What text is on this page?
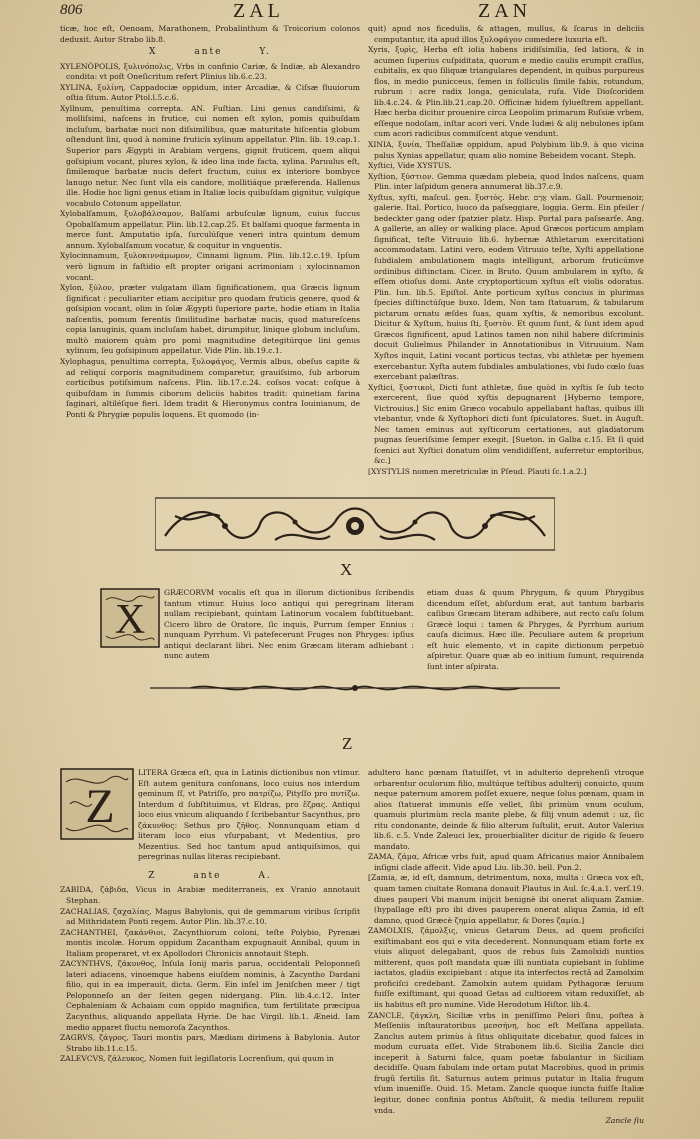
806	ZAL	ZAN

ticæ, hoc eſt, Oenoam, Marathonem, Probalinthum & Troicorium colonos deduxit. Autor Strabo lib.8.

X	ante	Y.

XYLENÓPOLIS, ξυλινόπολις, Vrbs in confinio Cariæ, & Indiæ, ab Alexandro condita: vt poſt Oneſicritum refert Plinius lib.6.c.23.

XYLINA, ξυλίνη, Cappadociæ oppidum, inter Arcadiæ, & Ciſsæ fluuiorum oſtia ſitum. Autor Ptol.l.5.c.6.

Xyllnum, penultima correpta. AN. Fuſtian. Lini genus candiſsimi, & molliſsimi, naſcens in frutice, cui nomen eſt xylon, pomis quibuſdam incluſum, barbatæ nuci non diſsimilibus, quæ maturitate hiſcentia globum oſtendunt lini, quod à nomine fruticis xylinum appellatur. Plin. lib. 19.cap.1. Superior pars Ægypti in Arabiam vergens, gignit fruticem, quem aliqui goſsipium vocant, plures xylon, & ideo lina inde facta, xylina. Paruulus eſt, ſimilemque barbatæ nucis defert fructum, cuius ex interiore bombyce lanugo netur. Nec ſunt vlla eis candore, mollitiáque præferenda. Hallenus ille. Hodie hoc ligni genus etiam in Italiæ locis quibuſdam gignitur, vulgique vocabulo Cotonum appellatur.

Xylobalſamum, ξυλοβάλσαμον, Balſami arbuſculæ lignum, cuius ſuccus Opobalſamum appellatur. Plin. lib.12.cap.25. Et balſami quoque farmenta in merce ſunt. Amputatio ipſa, ſurculúſque veneri intra quintum demum annum. Xylobalſamum vocatur, & coquitur in vnguentis.

Xylocinnamum, ξυλοκιννάμωμον, Cinnami lignum. Plin. lib.12.c.19. Ipſum verò lignum in faſtidio eſt propter origani acrimoniam : xylocinnamon vocant.

Xylon, ξύλον, præter vulgatam illam ſignificationem, qua Græcis lignum ſignificat : peculiariter etiam accipitur pro quodam fruticis genere, quod & goſsipion vocant, olim in ſolæ Ægypti ſuperiore parte, hodie etiam in Italia naſcentis, pomum ferentis ſimilitudine barbatæ nucis, quod matureſcens copia lanuginis, quam incluſam habet, dirumpitur, linique globum incluſum, multò maiorem quàm pro pomi magnitudine detegitúrque lini genus xylinum, ſeu goſsipinum appellatur. Vide Plin. lib.19.c.1.

Xylophagus, penultima correpta, ξυλοφάγος, Vermis albus, obeſus capite & ad reliqui corporis magnitudinem comparetur, grauiſsimo, ſub arborum corticibus potiſsimum naſcens. Plin. lib.17.c.24. coſsos vocat: coſque à quibuſdam in ſummis ciborum deliciis habitos tradit: quinetiam farina ſaginari, altiléſque fieri. Idem tradit & Hieronymus contra Iouinianum, de Ponti & Phrygiæ populis loquens. Et quomodo (in-

quit) apud nos ficedulis, & attagen, mullus, & ſcarus in deliciis computantur, ita apud illos ξυλοφάγον comedere luxuria eſt.

Xyris, ξυρὶς, Herba eſt iolia habens iridiſsimilia, ſed latiora, & in acumen ſuperius cuſpiditata, quorum e medio caulis erumpit craſſus, cubitalis, ex quo ſiliquæ triangulares dependent, in quibus purpureus flos, in medio punicceus, ſemen in folliculis ſimile fabis, rotundum, rubrum : acre radix longa, geniculata, rufa. Vide Dioſcoridem lib.4.c.24. & Plin.lib.21.cap.20. Officinæ hidem ſylueſtrem appellant. Hæc herba dicitur prouenire circa Leopolim primarum Ruſsiæ vrbem, eſſeque nodoſam, inſtar acori veri. Vnde Iudæi & alij nebulones ipſam cum acori radicibus commiſcent atque vendunt.

XINIA, ξυνία, Theſſaliæ oppidum, apud Polybium lib.9. à quo vicina palus Xynias appellatur, quam alio nomine Bebeidem vocant. Steph.

Xyſtici, Vide XYSTUS.

Xyſtion, ξύστιον. Gemma quædam plebeia, quod Indos naſcens, quam Plin. inter laſpidum genera annumerat lib.37.c.9.

Xyſtus, xyſti, maſcul. gen. ξυστὸς. Hebr. אֲרָם vlam. Gall. Pourmenoir, galerie. Ital. Portico, luoco da paſseggiare, loggia. Germ. Ein pfeiler / bedeckter gang oder ſpatzier platz. Hisp. Portal para paſsearſe. Ang. A gallerie, an alley or walking place. Apud Græcos porticum amplam ſignificat, teſte Vitruuio lib.6. hybernæ Athletarum exercitationi accommodatam. Latini vero, eodem Vitruuio teſte, Xyſti appellatione ſubdialem ambulationem magis intelligunt, arborum fruticúmve ordinibus diſtinctam. Cicer. in Bruto. Quum ambularem in xyſto, & eſſem otioſus domi. Ante cryptoporticum xyſtus eſt violis odoratus. Plin. Iun. lib.5. Epiſtol. Ante porticum xyſtus concius in plurimas ſpecies diſtinctúſque buxo. Idem, Non tam ſtatuarum, & tabularum pictarum ornatu æſdes ſuas, quam xyſtis, & nemoribus excolunt. Dicitur & Xyſtum, huius ſti, ξυστὸν. Et quum ſunt, & ſunt idem apud Græcos ſignificent, apud Latinos tamen non nihil habere diſcriminis docuit Gulielmus Philander in Annotationibus in Vitruuium. Nam Xyſtos inquit, Latini vocant porticus tectas, vbi athletæ per hyemem exercebantur. Xyſta autem ſubdiales ambulationes, vbi ſudo cœlo ſuas exercebant palæſtras.

Xyſtici, ξυστικοὶ, Dicti ſunt athletæ, ſiue quòd in xyſtis ſe ſub tecto exercerent, ſiue quòd xyſtis depugnarent [Hyberno tempore, Victrouius.] Sic enim Græco vocabulo appellabant haſtas, quibus illi vtebantur, vnde & Xyſtophori dicti ſunt ſpiculatores. Suet. in Auguſt. Nec tamen eminus aut xyſticorum certationes, aut gladiatorum pugnas ſeueriſsime ſemper exegit. [Sueton. in Galba c.15. Et ſi quid ſcenici aut Xyſtici donatum olim vendidiſſent, auferretur emptoribus, &c.]

[XYSTYLIS nomen meretriculæ in Pſeud. Plauti ſc.1.a.2.]

X
X
GRÆCORVM vocalis eſt qua in illorum dictionibus ſcribendis tantum vtimur. Huius loco antiqui qui peregrinam literam nullam recipiebant, quintam Latinorum vocalem ſubſtituebant. Cicero libro de Oratore, ſic inquis, Purrum ſemper Ennius : nunquam Pyrrhum. Vi patefecerunt Fruges non Phryges: ipſius antiqui declarant libri. Nec enim Græcam literam adhiebant : nunc autem
etiam duas & quum Phrygum, & quum Phrygibus dicendum eſſet, abſurdum erat, aut tantum barbaris caſibus Græcam literam adhibere, aut recto caſu ſolum Græcè loqui : tamen & Phryges, & Pyrrhum aurium cauſa dicimus. Hæc ille. Peculiare autem & proprium eſt huic elemento, vt in capite dictionum perpetuò aſpiretur. Quare quæ ab eo initium ſumunt, requirenda ſunt inter aſpirata.
Z
Z

LITERA Græca eſt, qua in Latinis dictionibus non vtimur. Eſt autem genitura conſonans, loco cuius nos interdum geminum ſſ, vt Patriſſo, pro πατρίζω, Pityſſo pro πυτίζω. Interdum d ſubſtituimus, vt Eldras, pro ἔζρας. Antiqui loco eius vnicum aliquando ſ ſcribebantur Sacynthus, pro ζάκυνθος: Sethus pro ζῆθος. Nonnunquam etiam d literam loco eius vſurpabant, vt Medentius, pro Mezentius. Sed hoc tantum apud antiquiſsimos, qui peregrinas nullas literas recipiebant.

Z	ante	A.

ZABIDA, ζάβιδα, Vicus in Arabiæ mediterraneis, ex Vranio annotauit Stephan.

ZACHALIAS, ζαχαλίας, Magus Babylonis, qui de gemmarum viribus ſcripſit ad Mithridatem Ponti regem. Autor Plin. lib.37.c.10.

ZACHANTHEI, ζακάνθιοι, Zacynthiorum coloni, teſte Polybio, Pyrenæi montis incolæ. Horum oppidum Zacantham expugnauit Annibal, quum in Italiam properaret, vt ex Apollodori Chronicis annotauit Steph.

ZACYNTHVS, ζάκυνθος, Inſula Ionij maris parua, occidentali Peloponneſi lateri adiacens, vinoemque habens eiuſdem nominis, à Zacyntho Dardani filio, qui in ea imperauit, dicta. Germ. Ein inſel im Jeniſchen meer / tigt Peloponneſo an der ſeiten gegen nidergang. Plin. lib.4.c.12. Inter Cephaleniam & Achaiam cum oppido magnifica, tum fertilitate præcipua Zacynthus, aliquando appellata Hyrie. De hac Virgil. lib.1. Æneid. Iam medio apparet fluctu nemoroſa Zacynthos.

ZAGRVS, ζάγρος, Tauri montis pars, Mædiam dirimens à Babylonia. Autor Strabo lib.11.c.15.

ZALEVCVS, ζάλευκος, Nomen fuit legiſlatoris Locrenſium, qui quum in

adultero hanc pœnam ſtatuiſſet, vt in adulterio deprehenſi vtroque orbarentur oculorum filio, multúque teſtibus adulterij conuicto, quum neque paternum amorem poſſet exuere, neque ſolus pœnam, quam in alios ſtatuerat immunis eſſe vellet, ſibi primùm vnum oculum, quamuis plurimùm recla mante plebe, & filij vnum ademit : uz, ſic ritu condonante, deinde & filio alterum ſuſtulit, eruit. Autor Valerius lib.6. c.5. Vnde Zaleuci lex, prouerbialiter dicitur de rigido & ſeuero mandato.

ZAMA, ζάμα, Africæ vrbs fuit, apud quam Africanus maior Annibalem inſigni clade affecit. Vide apud Liu. lib.30. bell. Pun.2.

[Zamia, æ, id eſt, damnum, detrimentum, noxa, multa : Græca vox eſt, quam tamen ciuitate Romana donauit Plautus in Aul. ſc.4.a.1. verſ.19. diues pauperi Vbi manum inijcit benignè ibi onerat aliquam Zamiæ. (hypallage eſt) pro ibi dives pauperem onerat aliqua Zamia, id eſt damno, quod Græcè ζημία appellatur, & Dores ζαμία.]

ZAMOLXIS, ζάμολξις, vnicus Getarum Deus, ad quem proficiſci exiſtimabant eos qui e vita decederent. Nonnunquam etiam forte ex viuis aliquot delegabant, quos de rebus ſuis Zamolxidi nuntios mitterent, quos poſt mandata quæ illi nuntiata cupiebant in ſublime iactatos, gladiis excipiebant : atque ita interfectos rectâ ad Zamolxim proficiſci credebant. Zamolxin autem quidam Pythagoræ ſeruum fuiſſe exiſtimant, qui quoad Getas ad cultiorem vitam reduxiſſet, ab iis habitus eſt pro numine. Vide Herodotum Hiſtor. lib.4.

ZANCLE, ζάγκλη, Siciliæ vrbs in peniſſimo Pelori ſinu, poſtea à Meſſeniis inſtauratoribus μεσσήνη, hoc eſt Meſſana appellata. Zanclus autem primùs à ſitus obliquitate dicebatur, quod falces in modum curuata eſſet. Vide Strabonem lib.6. Sicilia Zancle dici inceperit à Saturni falce, quam poetæ fabulantur in Siciliam decidiſſe. Quam fabulam inde ortam putat Macrobius, quod in primis frugû fertilis ſit. Saturnus autem primus putatur in Italia frugum vſum inueniſſe. Ouid. 15. Metam. Zancle quoque iuncta fuiſſe Italiæ legitur, donec confinia pontus Abſtulit, & media tellurem repulit vnda.

Zancle ſiu
